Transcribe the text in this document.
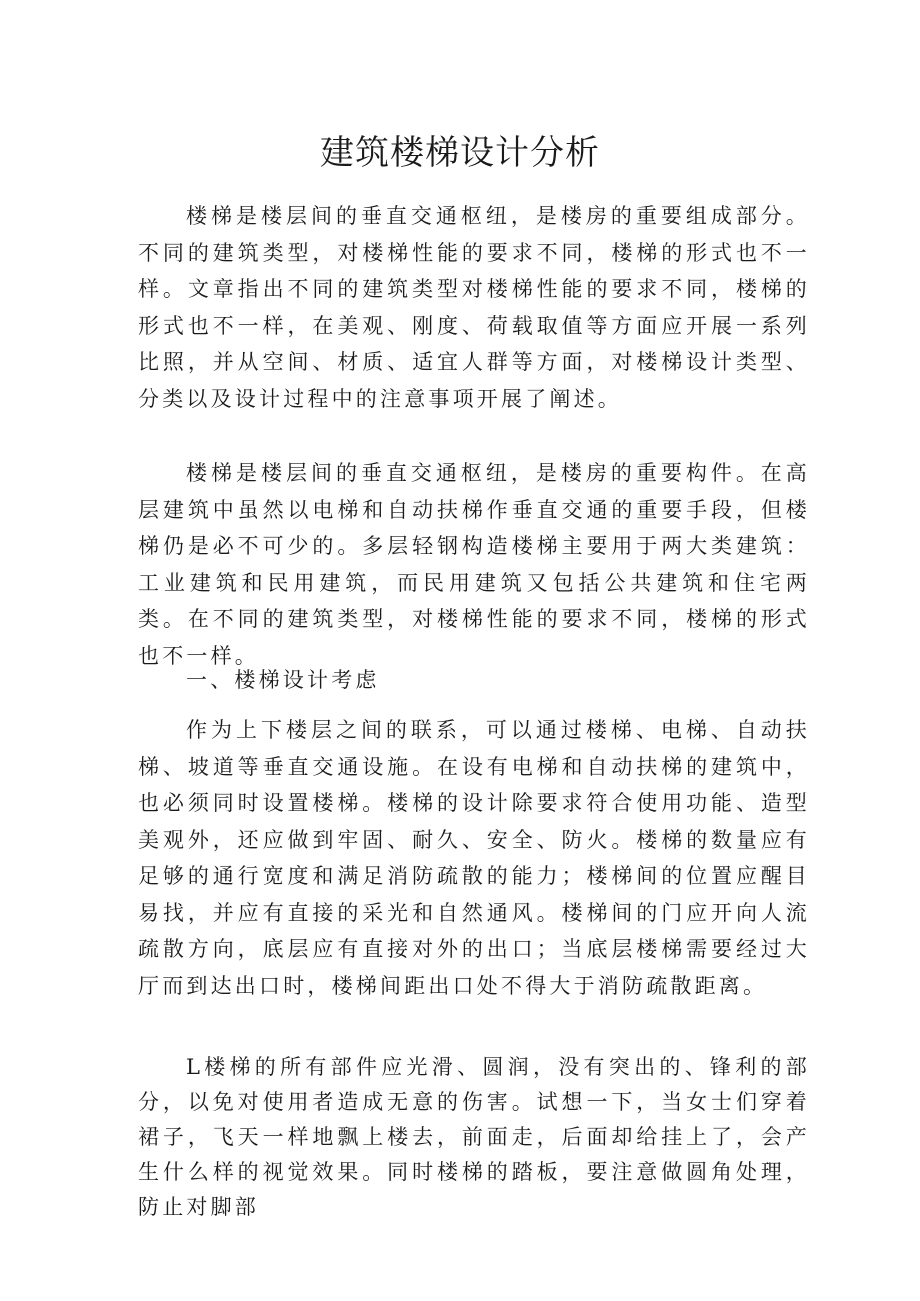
建筑楼梯设计分析

楼梯是楼层间的垂直交通枢纽，是楼房的重要组成部分。不同的建筑类型，对楼梯性能的要求不同，楼梯的形式也不一样。文章指出不同的建筑类型对楼梯性能的要求不同，楼梯的形式也不一样，在美观、刚度、荷载取值等方面应开展一系列比照，并从空间、材质、适宜人群等方面，对楼梯设计类型、分类以及设计过程中的注意事项开展了阐述。

楼梯是楼层间的垂直交通枢纽，是楼房的重要构件。在高层建筑中虽然以电梯和自动扶梯作垂直交通的重要手段，但楼梯仍是必不可少的。多层轻钢构造楼梯主要用于两大类建筑：工业建筑和民用建筑，而民用建筑又包括公共建筑和住宅两类。在不同的建筑类型，对楼梯性能的要求不同，楼梯的形式也不一样。

一、楼梯设计考虑

作为上下楼层之间的联系，可以通过楼梯、电梯、自动扶梯、坡道等垂直交通设施。在设有电梯和自动扶梯的建筑中，也必须同时设置楼梯。楼梯的设计除要求符合使用功能、造型美观外，还应做到牢固、耐久、安全、防火。楼梯的数量应有足够的通行宽度和满足消防疏散的能力；楼梯间的位置应醒目易找，并应有直接的采光和自然通风。楼梯间的门应开向人流疏散方向，底层应有直接对外的出口；当底层楼梯需要经过大厅而到达出口时，楼梯间距出口处不得大于消防疏散距离。

L楼梯的所有部件应光滑、圆润，没有突出的、锋利的部分，以免对使用者造成无意的伤害。试想一下，当女士们穿着裙子，飞天一样地飘上楼去，前面走，后面却给挂上了，会产生什么样的视觉效果。同时楼梯的踏板，要注意做圆角处理，防止对脚部
